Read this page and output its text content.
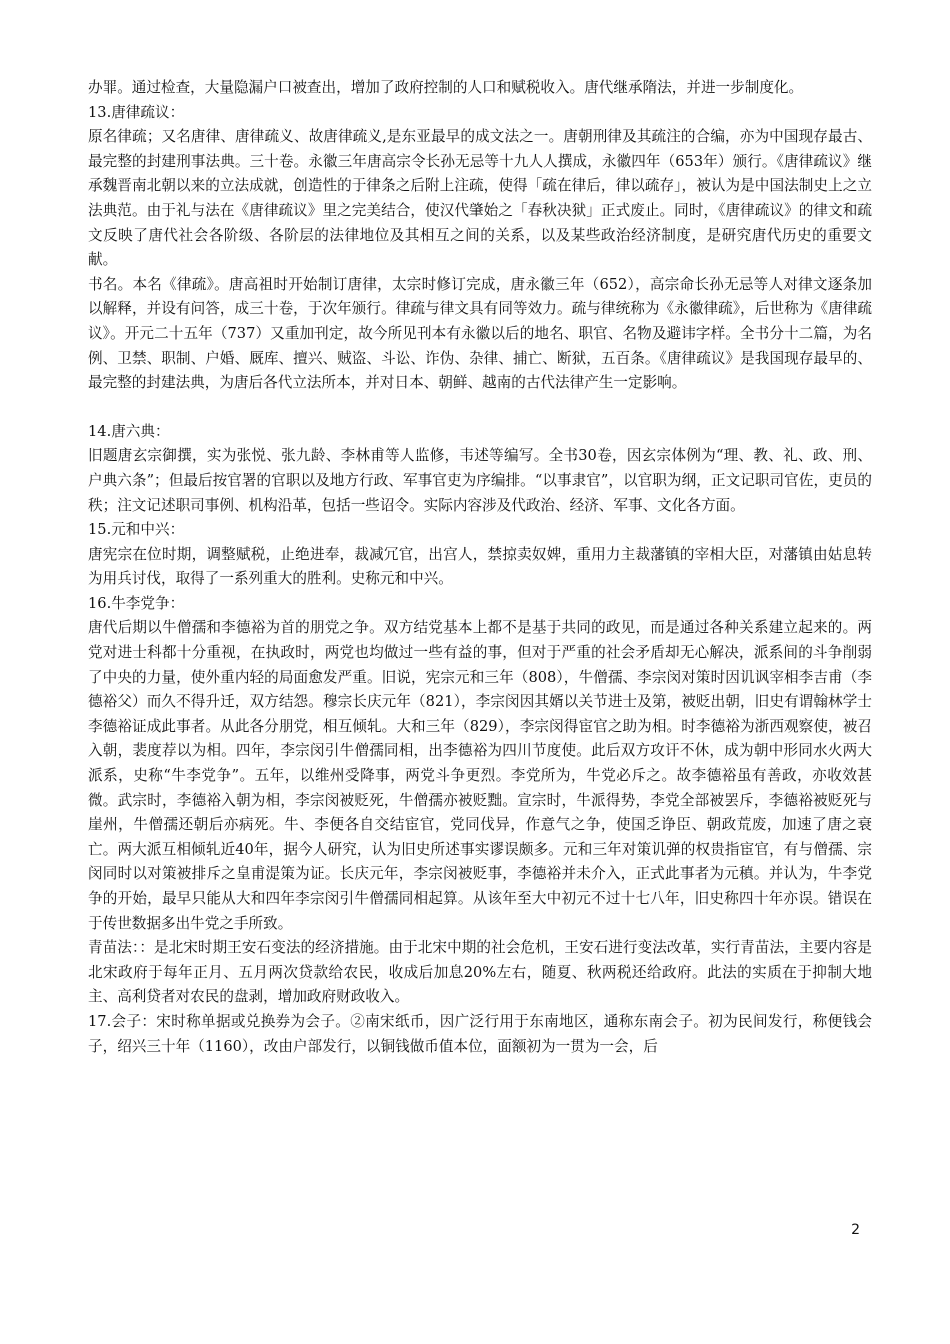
办罪。通过检查，大量隐漏户口被查出，增加了政府控制的人口和赋税收入。唐代继承隋法，并进一步制度化。

13.唐律疏议：

原名律疏；又名唐律、唐律疏义、故唐律疏义,是东亚最早的成文法之一。唐朝刑律及其疏注的合编，亦为中国现存最古、最完整的封建刑事法典。三十卷。永徽三年唐高宗令长孙无忌等十九人人撰成，永徽四年（653年）颁行。《唐律疏议》继承魏晋南北朝以来的立法成就，创造性的于律条之后附上注疏，使得「疏在律后，律以疏存」，被认为是中国法制史上之立法典范。由于礼与法在《唐律疏议》里之完美结合，使汉代肇始之「春秋决狱」正式废止。同时，《唐律疏议》的律文和疏文反映了唐代社会各阶级、各阶层的法律地位及其相互之间的关系，以及某些政治经济制度，是研究唐代历史的重要文献。

书名。本名《律疏》。唐高祖时开始制订唐律，太宗时修订完成，唐永徽三年（652），高宗命长孙无忌等人对律文逐条加以解释，并设有问答，成三十卷，于次年颁行。律疏与律文具有同等效力。疏与律统称为《永徽律疏》，后世称为《唐律疏议》。开元二十五年（737）又重加刊定，故今所见刊本有永徽以后的地名、职官、名物及避讳字样。全书分十二篇，为名例、卫禁、职制、户婚、厩库、擅兴、贼盗、斗讼、诈伪、杂律、捕亡、断狱，五百条。《唐律疏议》是我国现存最早的、最完整的封建法典，为唐后各代立法所本，并对日本、朝鲜、越南的古代法律产生一定影响。

14.唐六典：

旧题唐玄宗御撰，实为张悦、张九龄、李林甫等人监修，韦述等编写。全书30卷，因玄宗体例为“理、教、礼、政、刑、户典六条”；但最后按官署的官职以及地方行政、军事官吏为序编排。“以事隶官”，以官职为纲，正文记职司官佐，吏员的秩；注文记述职司事例、机构沿革，包括一些诏令。实际内容涉及代政治、经济、军事、文化各方面。

15.元和中兴：

唐宪宗在位时期，调整赋税，止绝进奉，裁减冗官，出宫人，禁掠卖奴婢，重用力主裁藩镇的宰相大臣，对藩镇由姑息转为用兵讨伐，取得了一系列重大的胜利。史称元和中兴。

16.牛李党争：

唐代后期以牛僧孺和李德裕为首的朋党之争。双方结党基本上都不是基于共同的政见，而是通过各种关系建立起来的。两党对进士科都十分重视，在执政时，两党也均做过一些有益的事，但对于严重的社会矛盾却无心解决，派系间的斗争削弱了中央的力量，使外重内轻的局面愈发严重。旧说，宪宗元和三年（808），牛僧孺、李宗闵对策时因讥讽宰相李吉甫（李德裕父）而久不得升迁，双方结怨。穆宗长庆元年（821），李宗闵因其婿以关节进士及第，被贬出朝，旧史有谓翰林学士李德裕证成此事者。从此各分朋党，相互倾轧。大和三年（829），李宗闵得宦官之助为相。时李德裕为浙西观察使，被召入朝，裴度荐以为相。四年，李宗闵引牛僧孺同相，出李德裕为四川节度使。此后双方攻讦不休，成为朝中形同水火两大派系，史称“牛李党争”。五年，以维州受降事，两党斗争更烈。李党所为，牛党必斥之。故李德裕虽有善政，亦收效甚微。武宗时，李德裕入朝为相，李宗闵被贬死，牛僧孺亦被贬黜。宣宗时，牛派得势，李党全部被罢斥，李德裕被贬死与崖州，牛僧孺还朝后亦病死。牛、李便各自交结宦官，党同伐异，作意气之争，使国乏诤臣、朝政荒废，加速了唐之衰亡。两大派互相倾轧近40年，据今人研究，认为旧史所述事实谬误颇多。元和三年对策讥弹的权贵指宦官，有与僧孺、宗闵同时以对策被排斥之皇甫湜策为证。长庆元年，李宗闵被贬事，李德裕并未介入，正式此事者为元稹。并认为，牛李党争的开始，最早只能从大和四年李宗闵引牛僧孺同相起算。从该年至大中初元不过十七八年，旧史称四十年亦误。错误在于传世数据多出牛党之手所致。

青苗法：：是北宋时期王安石变法的经济措施。由于北宋中期的社会危机，王安石进行变法改革，实行青苗法，主要内容是北宋政府于每年正月、五月两次贷款给农民，收成后加息20%左右，随夏、秋两税还给政府。此法的实质在于抑制大地主、高利贷者对农民的盘剥，增加政府财政收入。

17.会子：宋时称单据或兑换券为会子。②南宋纸币，因广泛行用于东南地区，通称东南会子。初为民间发行，称便钱会子，绍兴三十年（1160），改由户部发行，以铜钱做币值本位，面额初为一贯为一会，后

2
